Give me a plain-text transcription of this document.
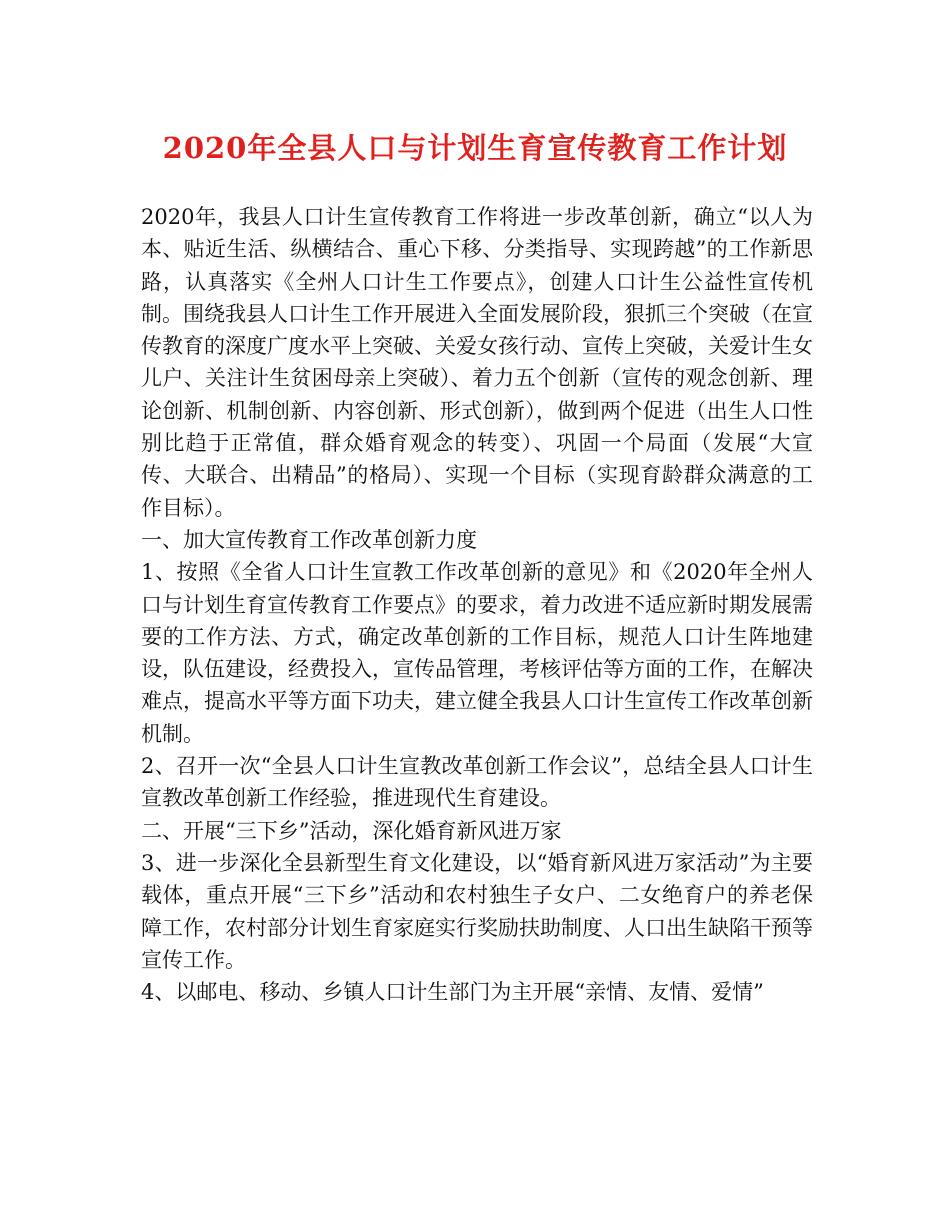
2020年全县人口与计划生育宣传教育工作计划

2020年，我县人口计生宣传教育工作将进一步改革创新，确立“以人为本、贴近生活、纵横结合、重心下移、分类指导、实现跨越”的工作新思路，认真落实《全州人口计生工作要点》，创建人口计生公益性宣传机制。围绕我县人口计生工作开展进入全面发展阶段，狠抓三个突破（在宣传教育的深度广度水平上突破、关爱女孩行动、宣传上突破，关爱计生女儿户、关注计生贫困母亲上突破）、着力五个创新（宣传的观念创新、理论创新、机制创新、内容创新、形式创新），做到两个促进（出生人口性别比趋于正常值，群众婚育观念的转变）、巩固一个局面（发展“大宣传、大联合、出精品”的格局）、实现一个目标（实现育龄群众满意的工作目标）。

一、加大宣传教育工作改革创新力度

1、按照《全省人口计生宣教工作改革创新的意见》和《2020年全州人口与计划生育宣传教育工作要点》的要求，着力改进不适应新时期发展需要的工作方法、方式，确定改革创新的工作目标，规范人口计生阵地建设，队伍建设，经费投入，宣传品管理，考核评估等方面的工作，在解决难点，提高水平等方面下功夫，建立健全我县人口计生宣传工作改革创新机制。

2、召开一次“全县人口计生宣教改革创新工作会议”，总结全县人口计生宣教改革创新工作经验，推进现代生育建设。

二、开展“三下乡”活动，深化婚育新风进万家

3、进一步深化全县新型生育文化建设，以“婚育新风进万家活动”为主要载体，重点开展“三下乡”活动和农村独生子女户、二女绝育户的养老保障工作，农村部分计划生育家庭实行奖励扶助制度、人口出生缺陷干预等宣传工作。

4、以邮电、移动、乡镇人口计生部门为主开展“亲情、友情、爱情”
